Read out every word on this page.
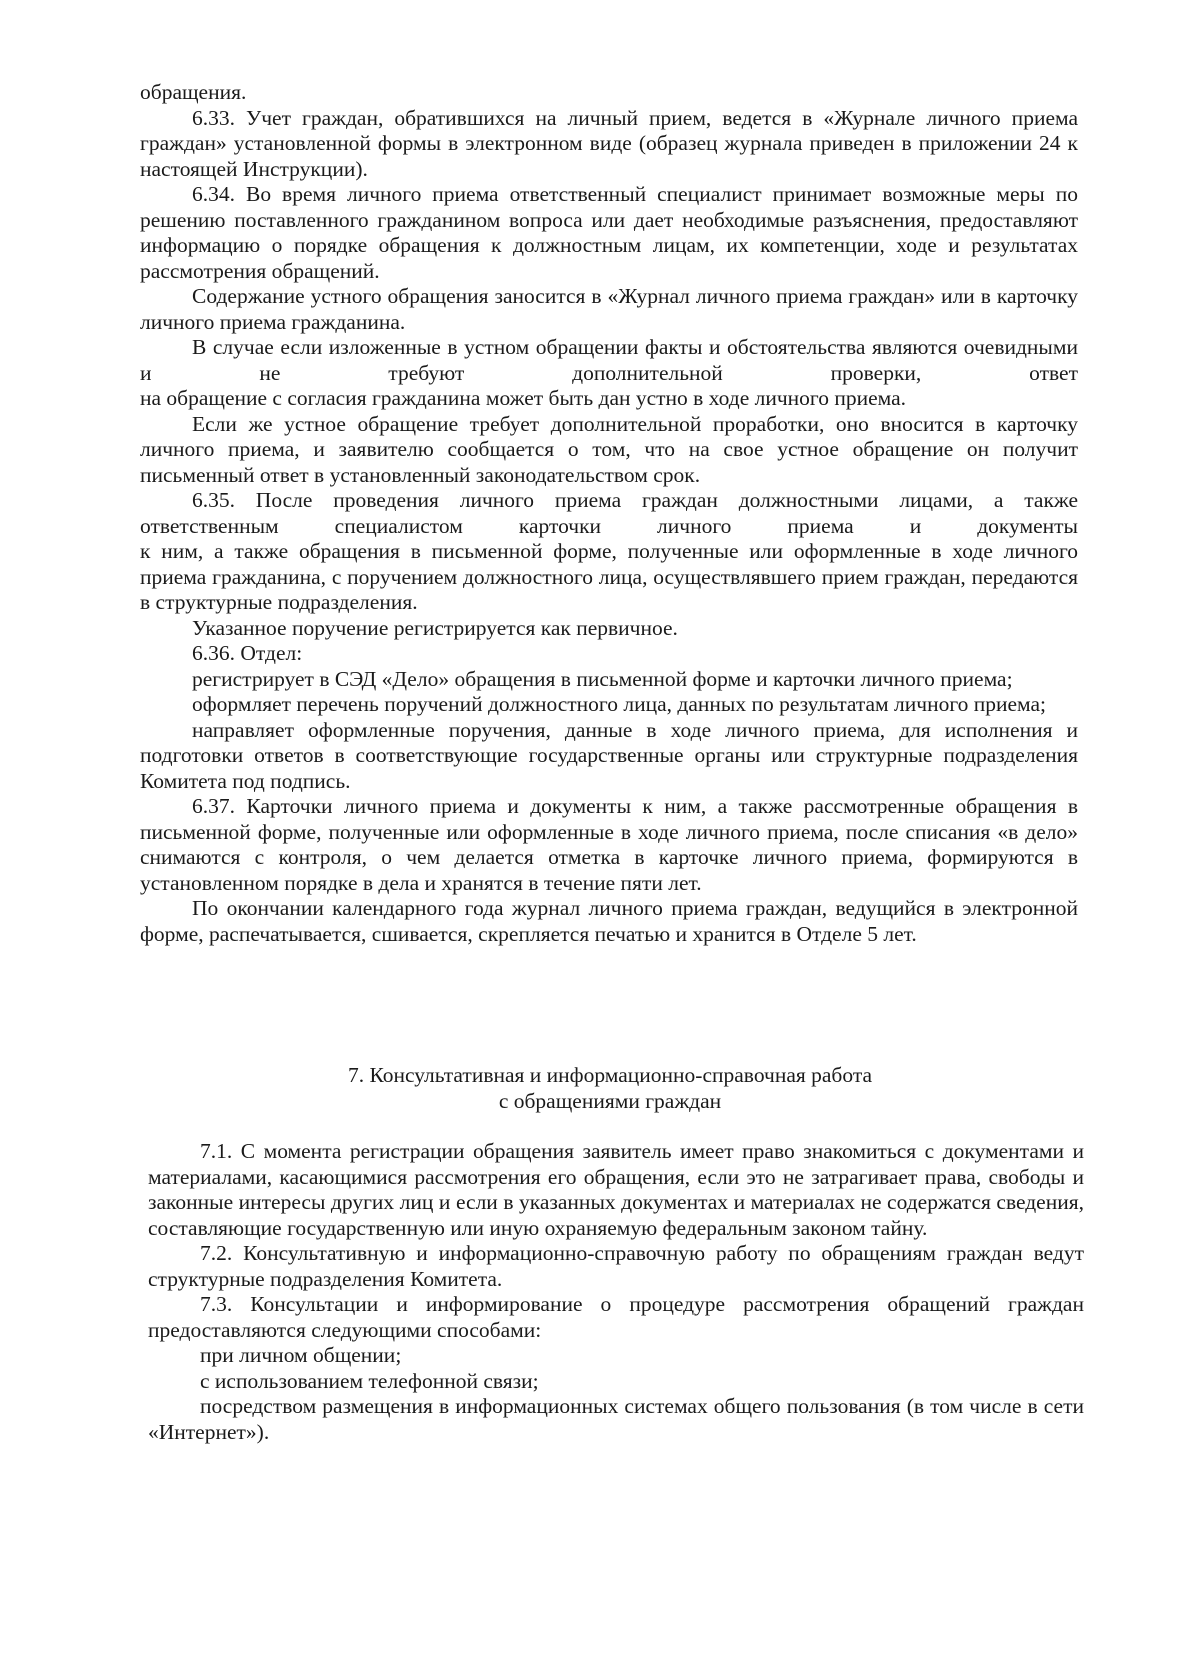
обращения.

6.33. Учет граждан, обратившихся на личный прием, ведется в «Журнале личного приема граждан» установленной формы в электронном виде (образец журнала приведен в приложении 24 к настоящей Инструкции).

6.34. Во время личного приема ответственный специалист принимает возможные меры по решению поставленного гражданином вопроса или дает необходимые разъяснения, предоставляют информацию о порядке обращения к должностным лицам, их компетенции, ходе и результатах рассмотрения обращений.

Содержание устного обращения заносится в «Журнал личного приема граждан» или в карточку личного приема гражданина.

В случае если изложенные в устном обращении факты и обстоятельства являются очевидными и не требуют дополнительной проверки, ответ

на обращение с согласия гражданина может быть дан устно в ходе личного приема.

Если же устное обращение требует дополнительной проработки, оно вносится в карточку личного приема, и заявителю сообщается о том, что на свое устное обращение он получит письменный ответ в установленный законодательством срок.

6.35. После проведения личного приема граждан должностными лицами, а также ответственным специалистом карточки личного приема и документы

к ним, а также обращения в письменной форме, полученные или оформленные в ходе личного приема гражданина, с поручением должностного лица, осуществлявшего прием граждан, передаются в структурные подразделения.

Указанное поручение регистрируется как первичное.

6.36. Отдел:

регистрирует в СЭД «Дело» обращения в письменной форме и карточки личного приема;

оформляет перечень поручений должностного лица, данных по результатам личного приема;

направляет оформленные поручения, данные в ходе личного приема, для исполнения и подготовки ответов в соответствующие государственные органы или структурные подразделения Комитета под подпись.

6.37. Карточки личного приема и документы к ним, а также рассмотренные обращения в письменной форме, полученные или оформленные в ходе личного приема, после списания «в дело» снимаются с контроля, о чем делается отметка в карточке личного приема, формируются в установленном порядке в дела и хранятся в течение пяти лет.

По окончании календарного года журнал личного приема граждан, ведущийся в электронной форме, распечатывается, сшивается, скрепляется печатью и хранится в Отделе 5 лет.

7. Консультативная и информационно-справочная работа

с обращениями граждан

7.1. С момента регистрации обращения заявитель имеет право знакомиться с документами и материалами, касающимися рассмотрения его обращения, если это не затрагивает права, свободы и законные интересы других лиц и если в указанных документах и материалах не содержатся сведения, составляющие государственную или иную охраняемую федеральным законом тайну.

7.2. Консультативную и информационно-справочную работу по обращениям граждан ведут структурные подразделения Комитета.

7.3. Консультации и информирование о процедуре рассмотрения обращений граждан предоставляются следующими способами:

при личном общении;

с использованием телефонной связи;

посредством размещения в информационных системах общего пользования (в том числе в сети «Интернет»).
